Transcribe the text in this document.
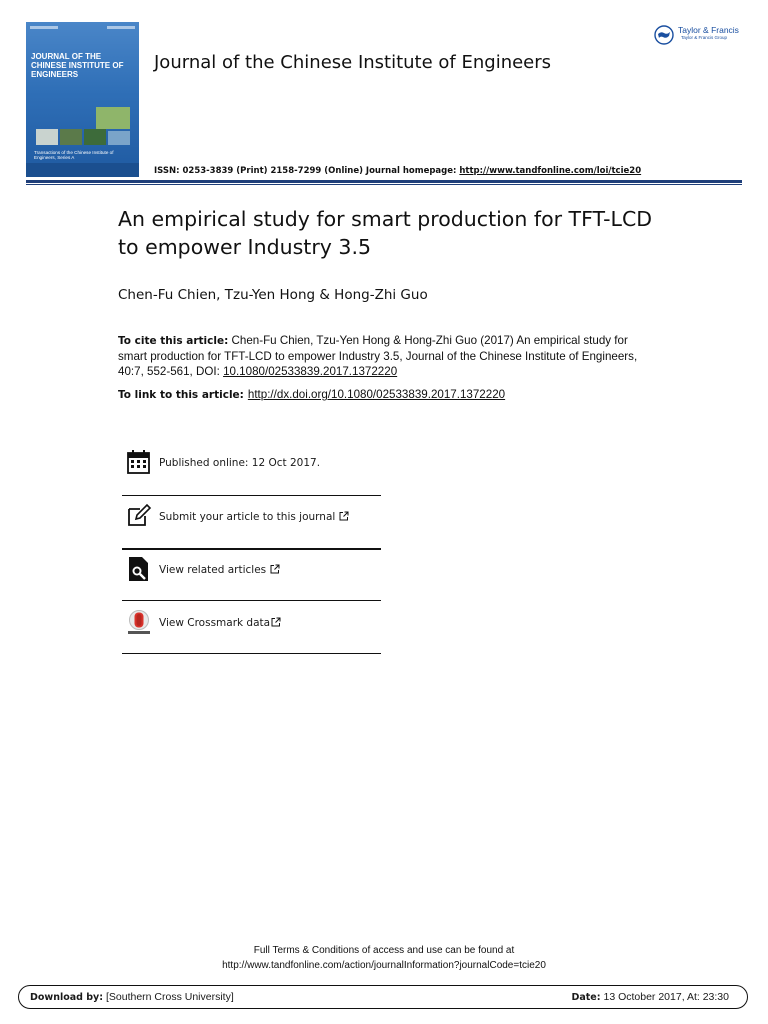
JOURNAL OF THE CHINESE INSTITUTE OF ENGINEERS
Transactions of the Chinese Institute of Engineers, Series A
Journal of the Chinese Institute of Engineers
ISSN: 0253-3839 (Print) 2158-7299 (Online) Journal homepage: http://www.tandfonline.com/loi/tcie20
Taylor & Francis
Taylor & Francis Group
An empirical study for smart production for TFT-LCD to empower Industry 3.5
Chen-Fu Chien, Tzu-Yen Hong & Hong-Zhi Guo
To cite this article: Chen-Fu Chien, Tzu-Yen Hong & Hong-Zhi Guo (2017) An empirical study for smart production for TFT-LCD to empower Industry 3.5, Journal of the Chinese Institute of Engineers, 40:7, 552-561, DOI: 10.1080/02533839.2017.1372220
To link to this article: http://dx.doi.org/10.1080/02533839.2017.1372220
Published online: 12 Oct 2017.
Submit your article to this journal
View related articles
View Crossmark data
Full Terms & Conditions of access and use can be found at
http://www.tandfonline.com/action/journalInformation?journalCode=tcie20
Download by: [Southern Cross University]	Date: 13 October 2017, At: 23:30
